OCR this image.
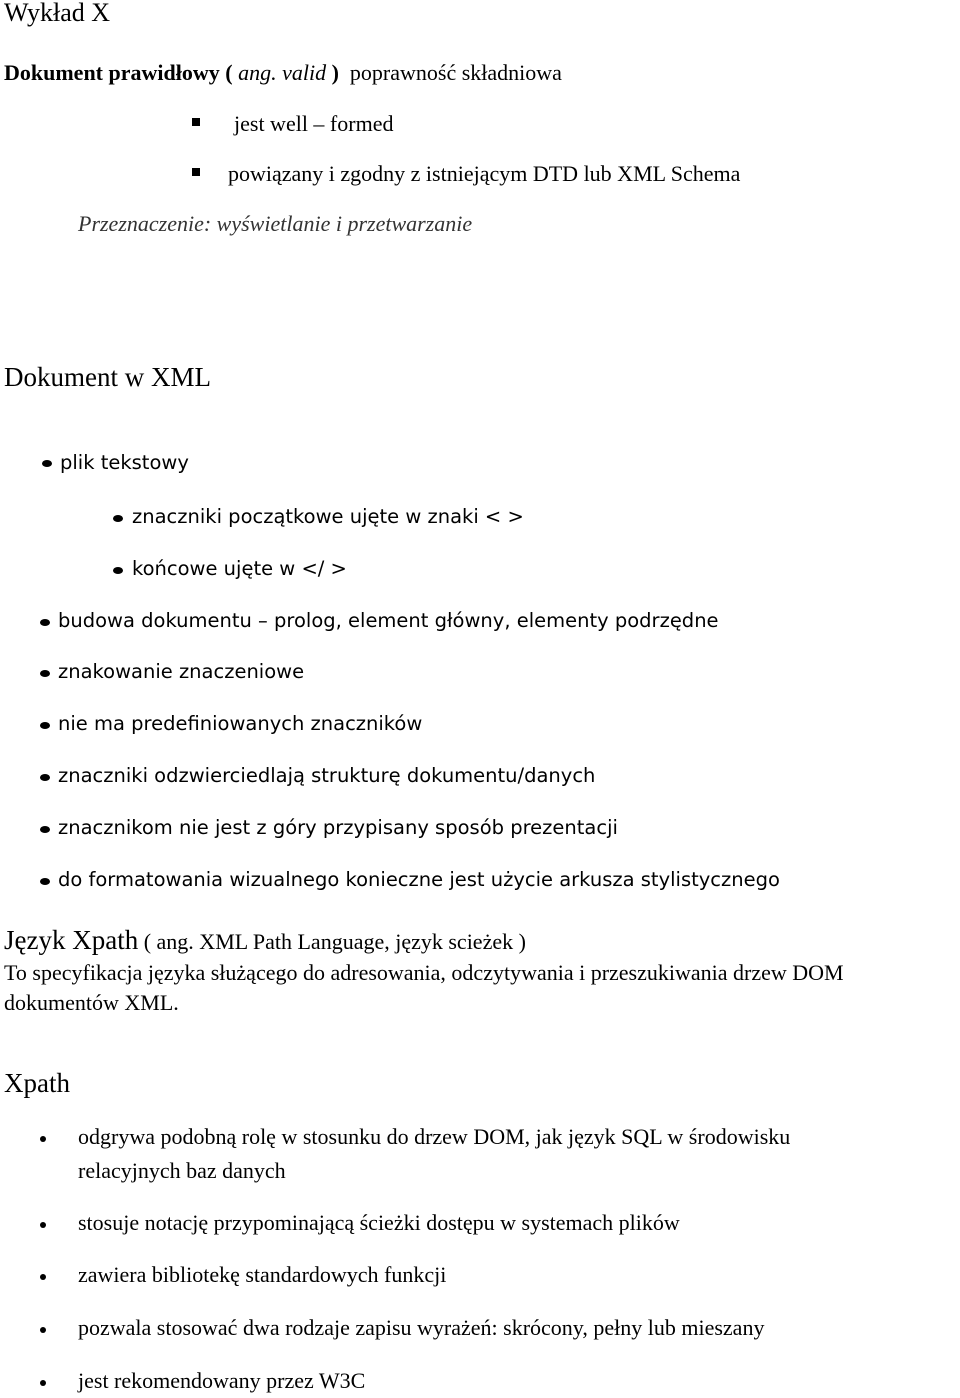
Wykład X
Dokument prawidłowy ( ang. valid ) poprawność składniowa
jest well – formed
powiązany i zgodny z istniejącym DTD lub XML Schema
Przeznaczenie: wyświetlanie i przetwarzanie
Dokument w XML
plik tekstowy
znaczniki początkowe ujęte w znaki < >
końcowe ujęte w </ >
budowa dokumentu – prolog, element główny, elementy podrzędne
znakowanie znaczeniowe
nie ma predefiniowanych znaczników
znaczniki odzwierciedlają strukturę dokumentu/danych
znacznikom nie jest z góry przypisany sposób prezentacji
do formatowania wizualnego konieczne jest użycie arkusza stylistycznego
Język Xpath ( ang. XML Path Language, język scieżek )
To specyfikacja języka służącego do adresowania, odczytywania i przeszukiwania drzew DOM
dokumentów XML.
Xpath
odgrywa podobną rolę w stosunku do drzew DOM, jak język SQL w środowisku
relacyjnych baz danych
stosuje notację przypominającą ścieżki dostępu w systemach plików
zawiera bibliotekę standardowych funkcji
pozwala stosować dwa rodzaje zapisu wyrażeń: skrócony, pełny lub mieszany
jest rekomendowany przez W3C
